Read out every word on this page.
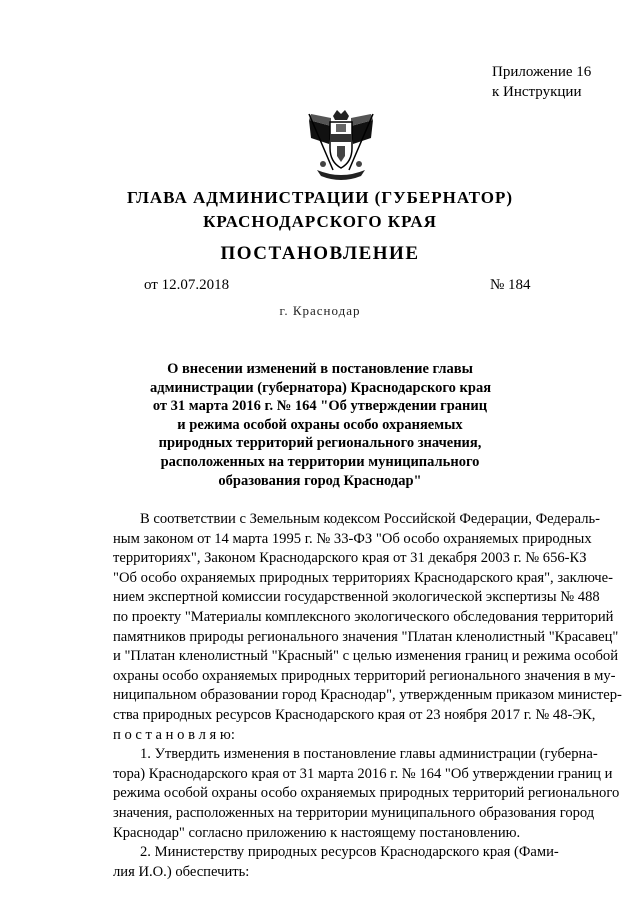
Приложение 16
к Инструкции
ГЛАВА АДМИНИСТРАЦИИ (ГУБЕРНАТОР)
КРАСНОДАРСКОГО КРАЯ
ПОСТАНОВЛЕНИЕ
от 12.07.2018	№ 184
г. Краснодар
О внесении изменений в постановление главы
администрации (губернатора) Краснодарского края
от 31 марта 2016 г. № 164 "Об утверждении границ
и режима особой охраны особо охраняемых
природных территорий регионального значения,
расположенных на территории муниципального
образования город Краснодар"
В соответствии с Земельным кодексом Российской Федерации, Федераль-
ным законом от 14 марта 1995 г. № 33-ФЗ "Об особо охраняемых природных
территориях", Законом Краснодарского края от 31 декабря 2003 г. № 656-КЗ
"Об особо охраняемых природных территориях Краснодарского края", заключе-
нием экспертной комиссии государственной экологической экспертизы № 488
по проекту "Материалы комплексного экологического обследования территорий
памятников природы регионального значения "Платан кленолистный "Красавец"
и "Платан кленолистный "Красный" с целью изменения границ и режима особой
охраны особо охраняемых природных территорий регионального значения в му-
ниципальном образовании город Краснодар", утвержденным приказом министер-
ства природных ресурсов Краснодарского края от 23 ноября 2017 г. № 48-ЭК,
п о с т а н о в л я ю:
1. Утвердить изменения в постановление главы администрации (губерна-
тора) Краснодарского края от 31 марта 2016 г. № 164 "Об утверждении границ и
режима особой охраны особо охраняемых природных территорий регионального
значения, расположенных на территории муниципального образования город
Краснодар" согласно приложению к настоящему постановлению.
2. Министерству природных ресурсов Краснодарского края (Фами-
лия И.О.) обеспечить:
